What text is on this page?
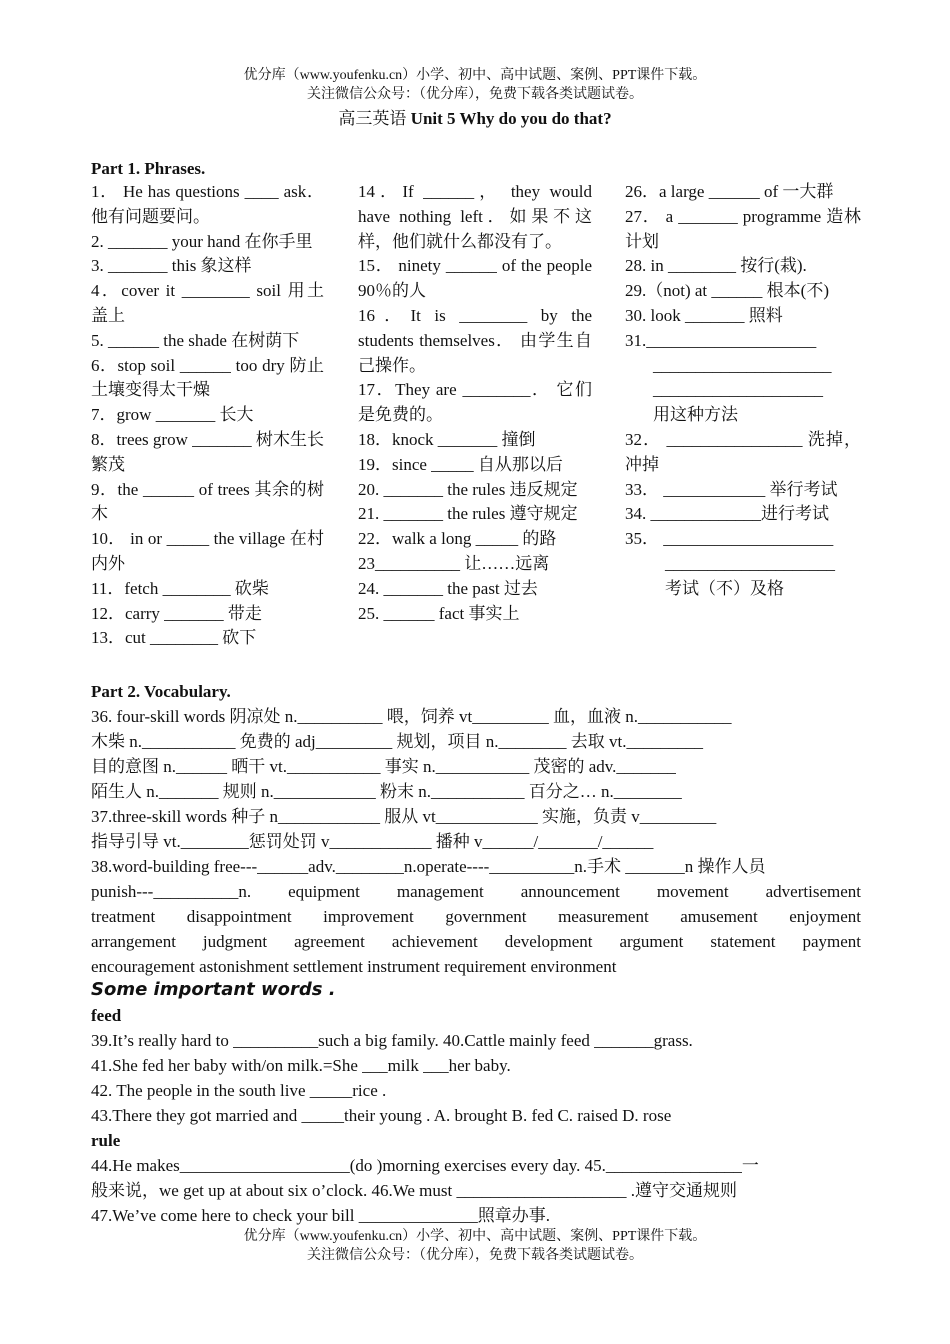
优分库（www.youfenku.cn）小学、初中、高中试题、案例、PPT课件下载。
关注微信公众号：（优分库），免费下载各类试题试卷。
高三英语 Unit 5 Why do you do that?
Part 1. Phrases.
1． He has questions ____ ask．他有问题要问。
2. _______ your hand 在你手里
3. _______ this 象这样
4．cover it ________ soil 用土盖上
5. ______ the shade 在树荫下
6．stop soil ______ too dry 防止土壤变得太干燥
7．grow _______ 长大
8．trees grow _______ 树木生长繁茂
9．the ______ of trees 其余的树木
10． in or _____ the village 在村内外
11．fetch ________ 砍柴
12．carry _______ 带走
13．cut ________ 砍下
14．If ______， they would have nothing left．如果不这样，他们就什么都没有了。
15． ninety ______ of the people 90％的人
16．It is ________ by the students themselves． 由学生自己操作。
17．They are ________． 它们是免费的。
18．knock _______ 撞倒
19．since _____ 自从那以后
20. _______ the rules 违反规定
21. _______ the rules 遵守规定
22．walk a long _____ 的路
23__________ 让……远离
24. _______ the past 过去
25. ______ fact 事实上
26．a large ______ of 一大群
27． a _______ programme 造林计划
28. in ________ 按行(栽).
29.（not) at ______ 根本(不)
30. look _______ 照料
31.____________________
_____________________
____________________
用这种方法
32． ________________ 洗掉，冲掉
33． ____________ 举行考试
34. _____________进行考试
35． ____________________
____________________
考试（不）及格
Part 2. Vocabulary.
36. four-skill words 阴凉处 n.__________ 喂，饲养 vt_________ 血，血液 n.___________
木柴 n.___________ 免费的 adj_________ 规划，项目 n.________ 去取 vt._________
目的意图 n.______ 晒干 vt.___________ 事实 n.___________ 茂密的 adv._______
陌生人 n._______ 规则 n.____________ 粉末 n.___________ 百分之… n.________
37.three-skill words 种子 n____________ 服从 vt____________ 实施，负责 v_________
指导引导 vt.________惩罚处罚 v____________ 播种 v______/_______/______
38.word-building free---______adv.________n.operate----__________n.手术 _______n 操作人员
punish---__________n. equipment management announcement movement advertisement
treatment disappointment improvement government measurement amusement enjoyment
arrangement judgment agreement achievement development argument statement payment
encouragement astonishment settlement instrument requirement environment
Some important words .
feed
39.It’s really hard to __________such a big family. 40.Cattle mainly feed _______grass.
41.She fed her baby with/on milk.=She ___milk ___her baby.
42. The people in the south live _____rice .
43.There they got married and _____their young . A. brought B. fed C. raised D. rose
rule
44.He makes____________________(do )morning exercises every day. 45.________________一
般来说，we get up at about six o’clock. 46.We must ____________________ .遵守交通规则
47.We’ve come here to check your bill ______________照章办事.
优分库（www.youfenku.cn）小学、初中、高中试题、案例、PPT课件下载。
关注微信公众号：（优分库），免费下载各类试题试卷。
